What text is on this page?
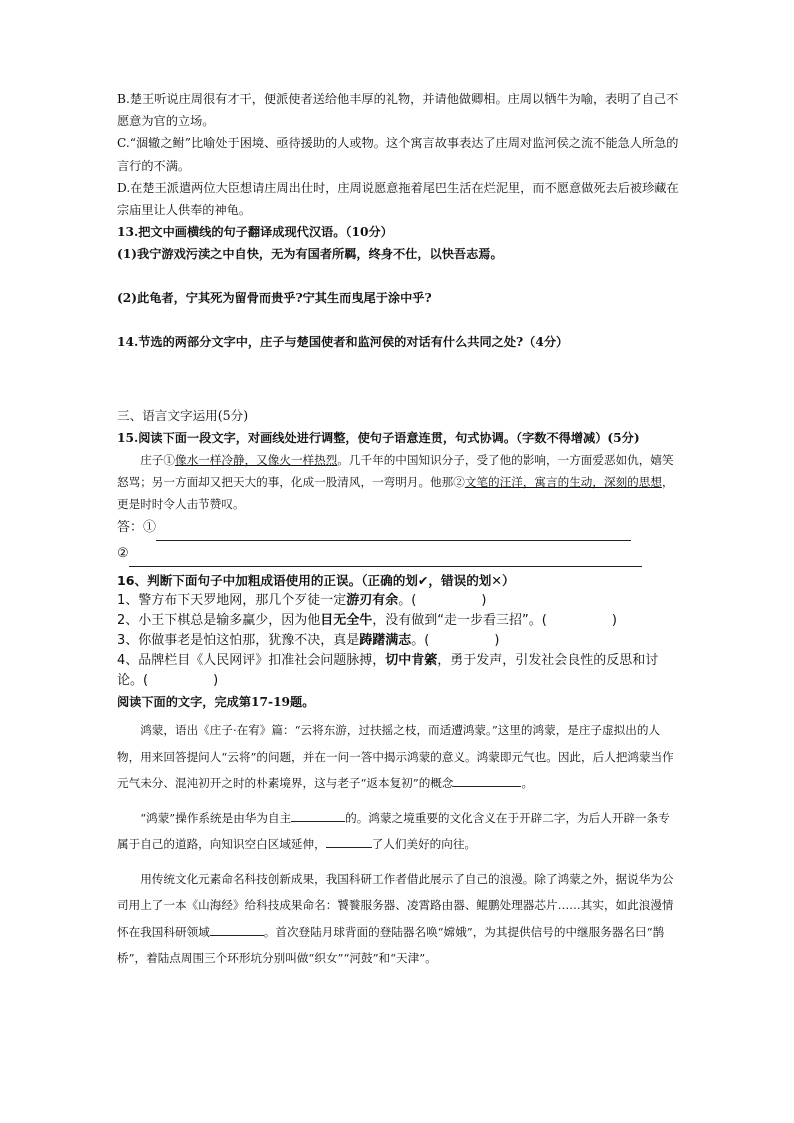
B.楚王听说庄周很有才干，便派使者送给他丰厚的礼物，并请他做卿相。庄周以牺牛为喻，表明了自己不愿意为官的立场。

C.“涸辙之鲋”比喻处于困境、亟待援助的人或物。这个寓言故事表达了庄周对监河侯之流不能急人所急的言行的不满。

D.在楚王派遣两位大臣想请庄周出仕时，庄周说愿意拖着尾巴生活在烂泥里，而不愿意做死去后被珍藏在宗庙里让人供奉的神龟。

13.把文中画横线的句子翻译成现代汉语。（10分）

(1)我宁游戏污渎之中自快，无为有国者所羁，终身不仕，以快吾志焉。

(2)此龟者，宁其死为留骨而贵乎?宁其生而曳尾于涂中乎?

14.节选的两部分文字中，庄子与楚国使者和监河侯的对话有什么共同之处?（4分）

三、语言文字运用(5分)

15.阅读下面一段文字，对画线处进行调整，使句子语意连贯，句式协调。（字数不得增减）(5分)

庄子①像水一样冷静，又像火一样热烈。几千年的中国知识分子，受了他的影响，一方面爱恶如仇，嬉笑怒骂；另一方面却又把天大的事，化成一股清风，一弯明月。他那②文笔的汪洋，寓言的生动，深刻的思想，更是时时令人击节赞叹。

答：①
②

16、判断下面句子中加粗成语使用的正误。（正确的划✔，错误的划✕）

1、警方布下天罗地网，那几个歹徒一定游刃有余。(　　　　　)

2、小王下棋总是输多赢少，因为他目无全牛，没有做到“走一步看三招”。(　　　　　)

3、你做事老是怕这怕那，犹豫不决，真是踌躇满志。(　　　　　)

4、品牌栏目《人民网评》扣准社会问题脉搏，切中肯綮，勇于发声，引发社会良性的反思和讨论。(　　　　　)

阅读下面的文字，完成第17-19题。

鸿蒙，语出《庄子·在宥》篇：“云将东游，过扶摇之枝，而适遭鸿蒙。”这里的鸿蒙，是庄子虚拟出的人物，用来回答提问人“云将”的问题，并在一问一答中揭示鸿蒙的意义。鸿蒙即元气也。因此，后人把鸿蒙当作元气未分、混沌初开之时的朴素境界，这与老子“返本复初”的概念	。

“鸿蒙”操作系统是由华为自主	的。鸿蒙之境重要的文化含义在于开辟二字，为后人开辟一条专属于自己的道路，向知识空白区域延伸，	了人们美好的向往。

用传统文化元素命名科技创新成果，我国科研工作者借此展示了自己的浪漫。除了鸿蒙之外，据说华为公司用上了一本《山海经》给科技成果命名：饕餮服务器、凌霄路由器、鲲鹏处理器芯片……其实，如此浪漫情怀在我国科研领域	。首次登陆月球背面的登陆器名唤“嫦娥”，为其提供信号的中继服务器名曰“鹊桥”，着陆点周围三个环形坑分别叫做“织女”“河鼓”和“天津”。
